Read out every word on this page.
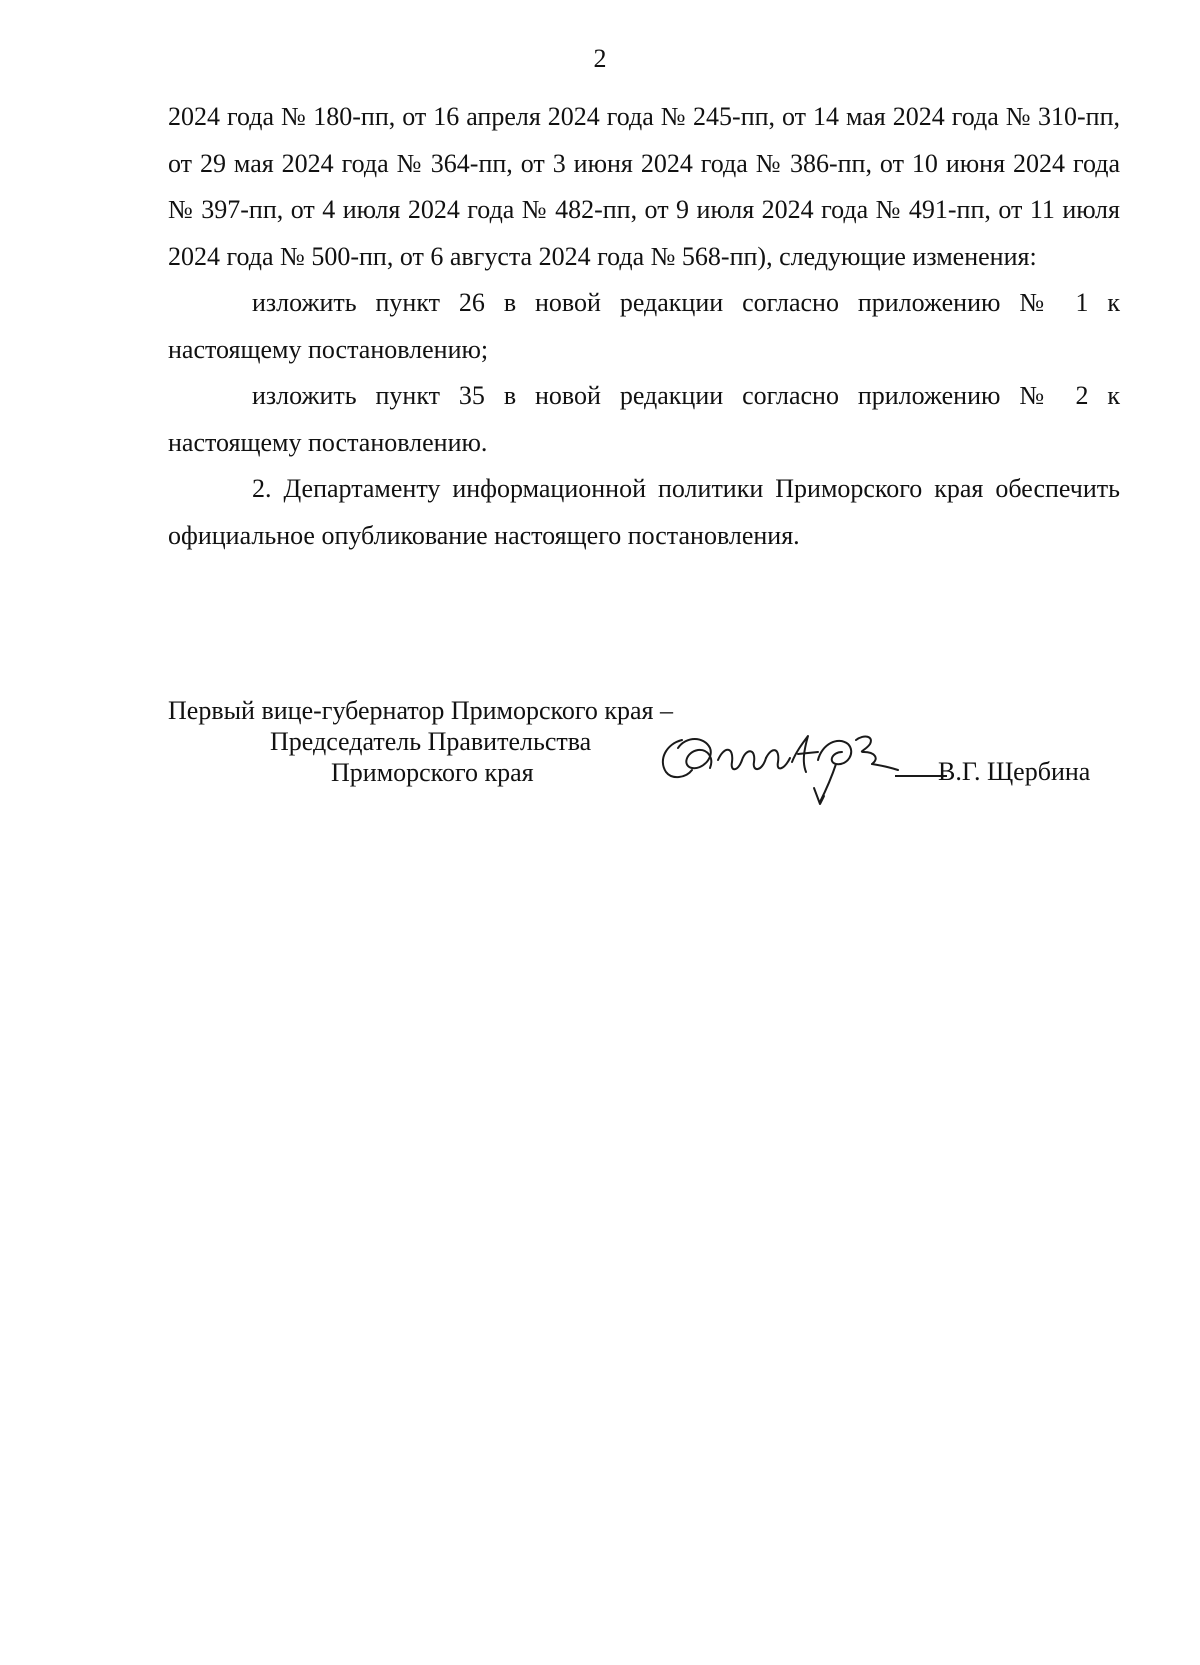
2

2024 года № 180-пп, от 16 апреля 2024 года № 245-пп, от 14 мая 2024 года № 310-пп, от 29 мая 2024 года № 364-пп, от 3 июня 2024 года № 386-пп, от 10 июня 2024 года № 397-пп, от 4 июля 2024 года № 482-пп, от 9 июля 2024 года № 491-пп, от 11 июля 2024 года № 500-пп, от 6 августа 2024 года № 568-пп), следующие изменения:

изложить пункт 26 в новой редакции согласно приложению № 1 к настоящему постановлению;

изложить пункт 35 в новой редакции согласно приложению № 2 к настоящему постановлению.

2. Департаменту информационной политики Приморского края обеспечить официальное опубликование настоящего постановления.

Первый вице-губернатор Приморского края –
Председатель Правительства
Приморского края	В.Г. Щербина
